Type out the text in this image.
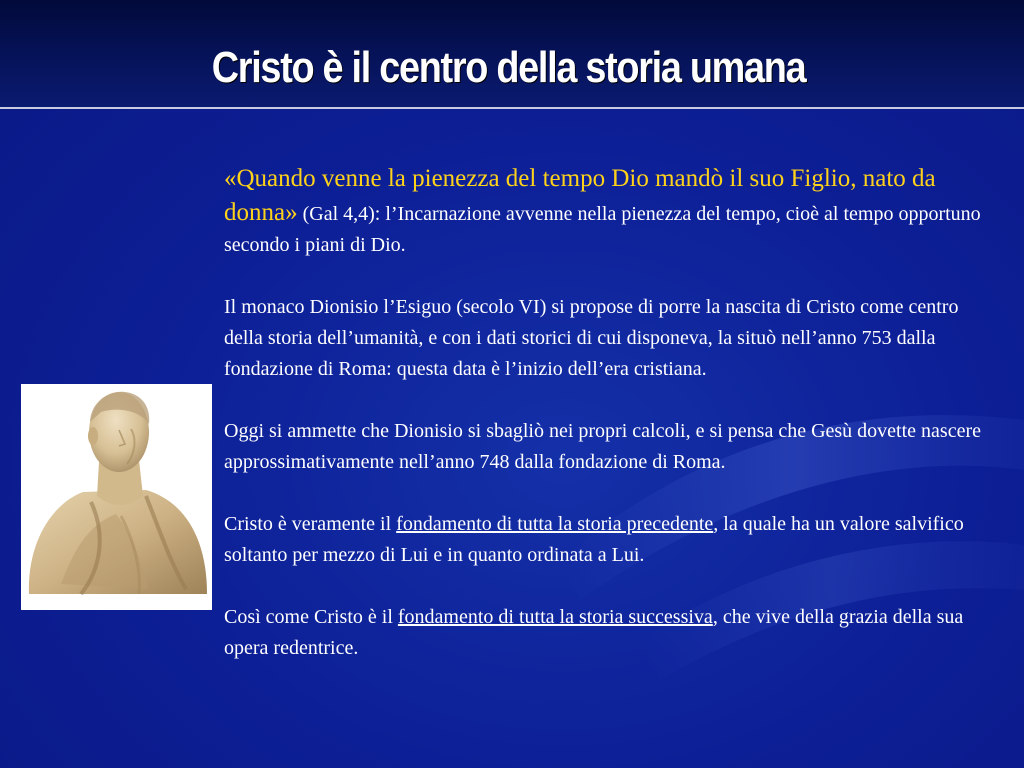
Cristo è il centro della storia umana

«Quando venne la pienezza del tempo Dio mandò il suo Figlio, nato da donna» (Gal 4,4): l’Incarnazione avvenne nella pienezza del tempo, cioè al tempo opportuno secondo i piani di Dio.

Il monaco Dionisio l’Esiguo (secolo VI) si propose di porre la nascita di Cristo come centro della storia dell’umanità, e con i dati storici di cui disponeva, la situò nell’anno 753 dalla fondazione di Roma: questa data è l’inizio dell’era cristiana.

Oggi si ammette che Dionisio si sbagliò nei propri calcoli, e si pensa che Gesù dovette nascere approssimativamente nell’anno 748 dalla fondazione di Roma.

Cristo è veramente il fondamento di tutta la storia precedente, la quale ha un valore salvifico soltanto per mezzo di Lui e in quanto ordinata a Lui.

Così come Cristo è il fondamento di tutta la storia successiva, che vive della grazia della sua opera redentrice.
